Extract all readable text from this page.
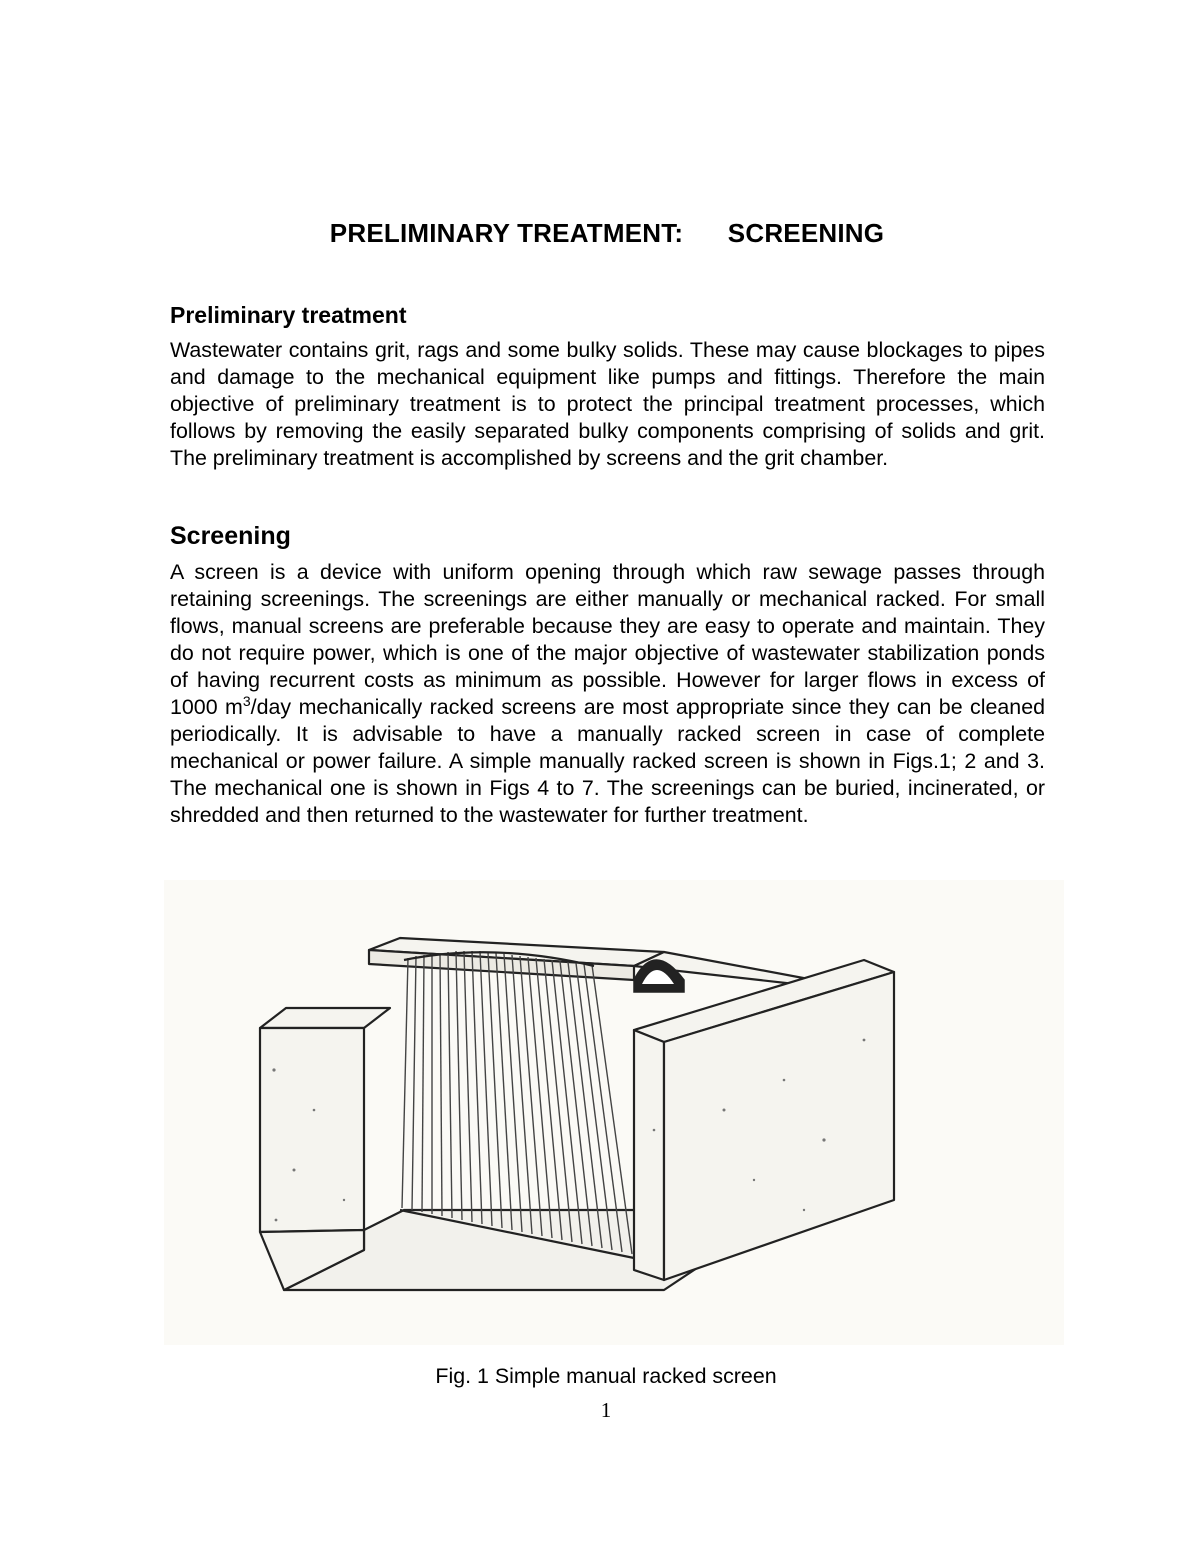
PRELIMINARY TREATMENT:      SCREENING
Preliminary treatment

Wastewater contains grit, rags and some bulky solids. These may cause blockages to pipes and damage to the mechanical equipment like pumps and fittings. Therefore the main objective of preliminary treatment is to protect the principal treatment processes, which follows by removing the easily separated bulky components comprising of solids and grit. The preliminary treatment is accomplished by screens and the grit chamber.

Screening

A screen is a device with uniform opening through which raw sewage passes through retaining screenings. The screenings are either manually or mechanical racked. For small flows, manual screens are preferable because they are easy to operate and maintain. They do not require power, which is one of the major objective of wastewater stabilization ponds of having recurrent costs as minimum as possible. However for larger flows in excess of 1000 $m^3$/day mechanically racked screens are most appropriate since they can be cleaned periodically. It is advisable to have a manually racked screen in case of complete mechanical or power failure. A simple manually racked screen is shown in Figs.1; 2 and 3. The mechanical one is shown in Figs 4 to 7. The screenings can be buried, incinerated, or shredded and then returned to the wastewater for further treatment.

Fig. 1 Simple manual racked screen
1
